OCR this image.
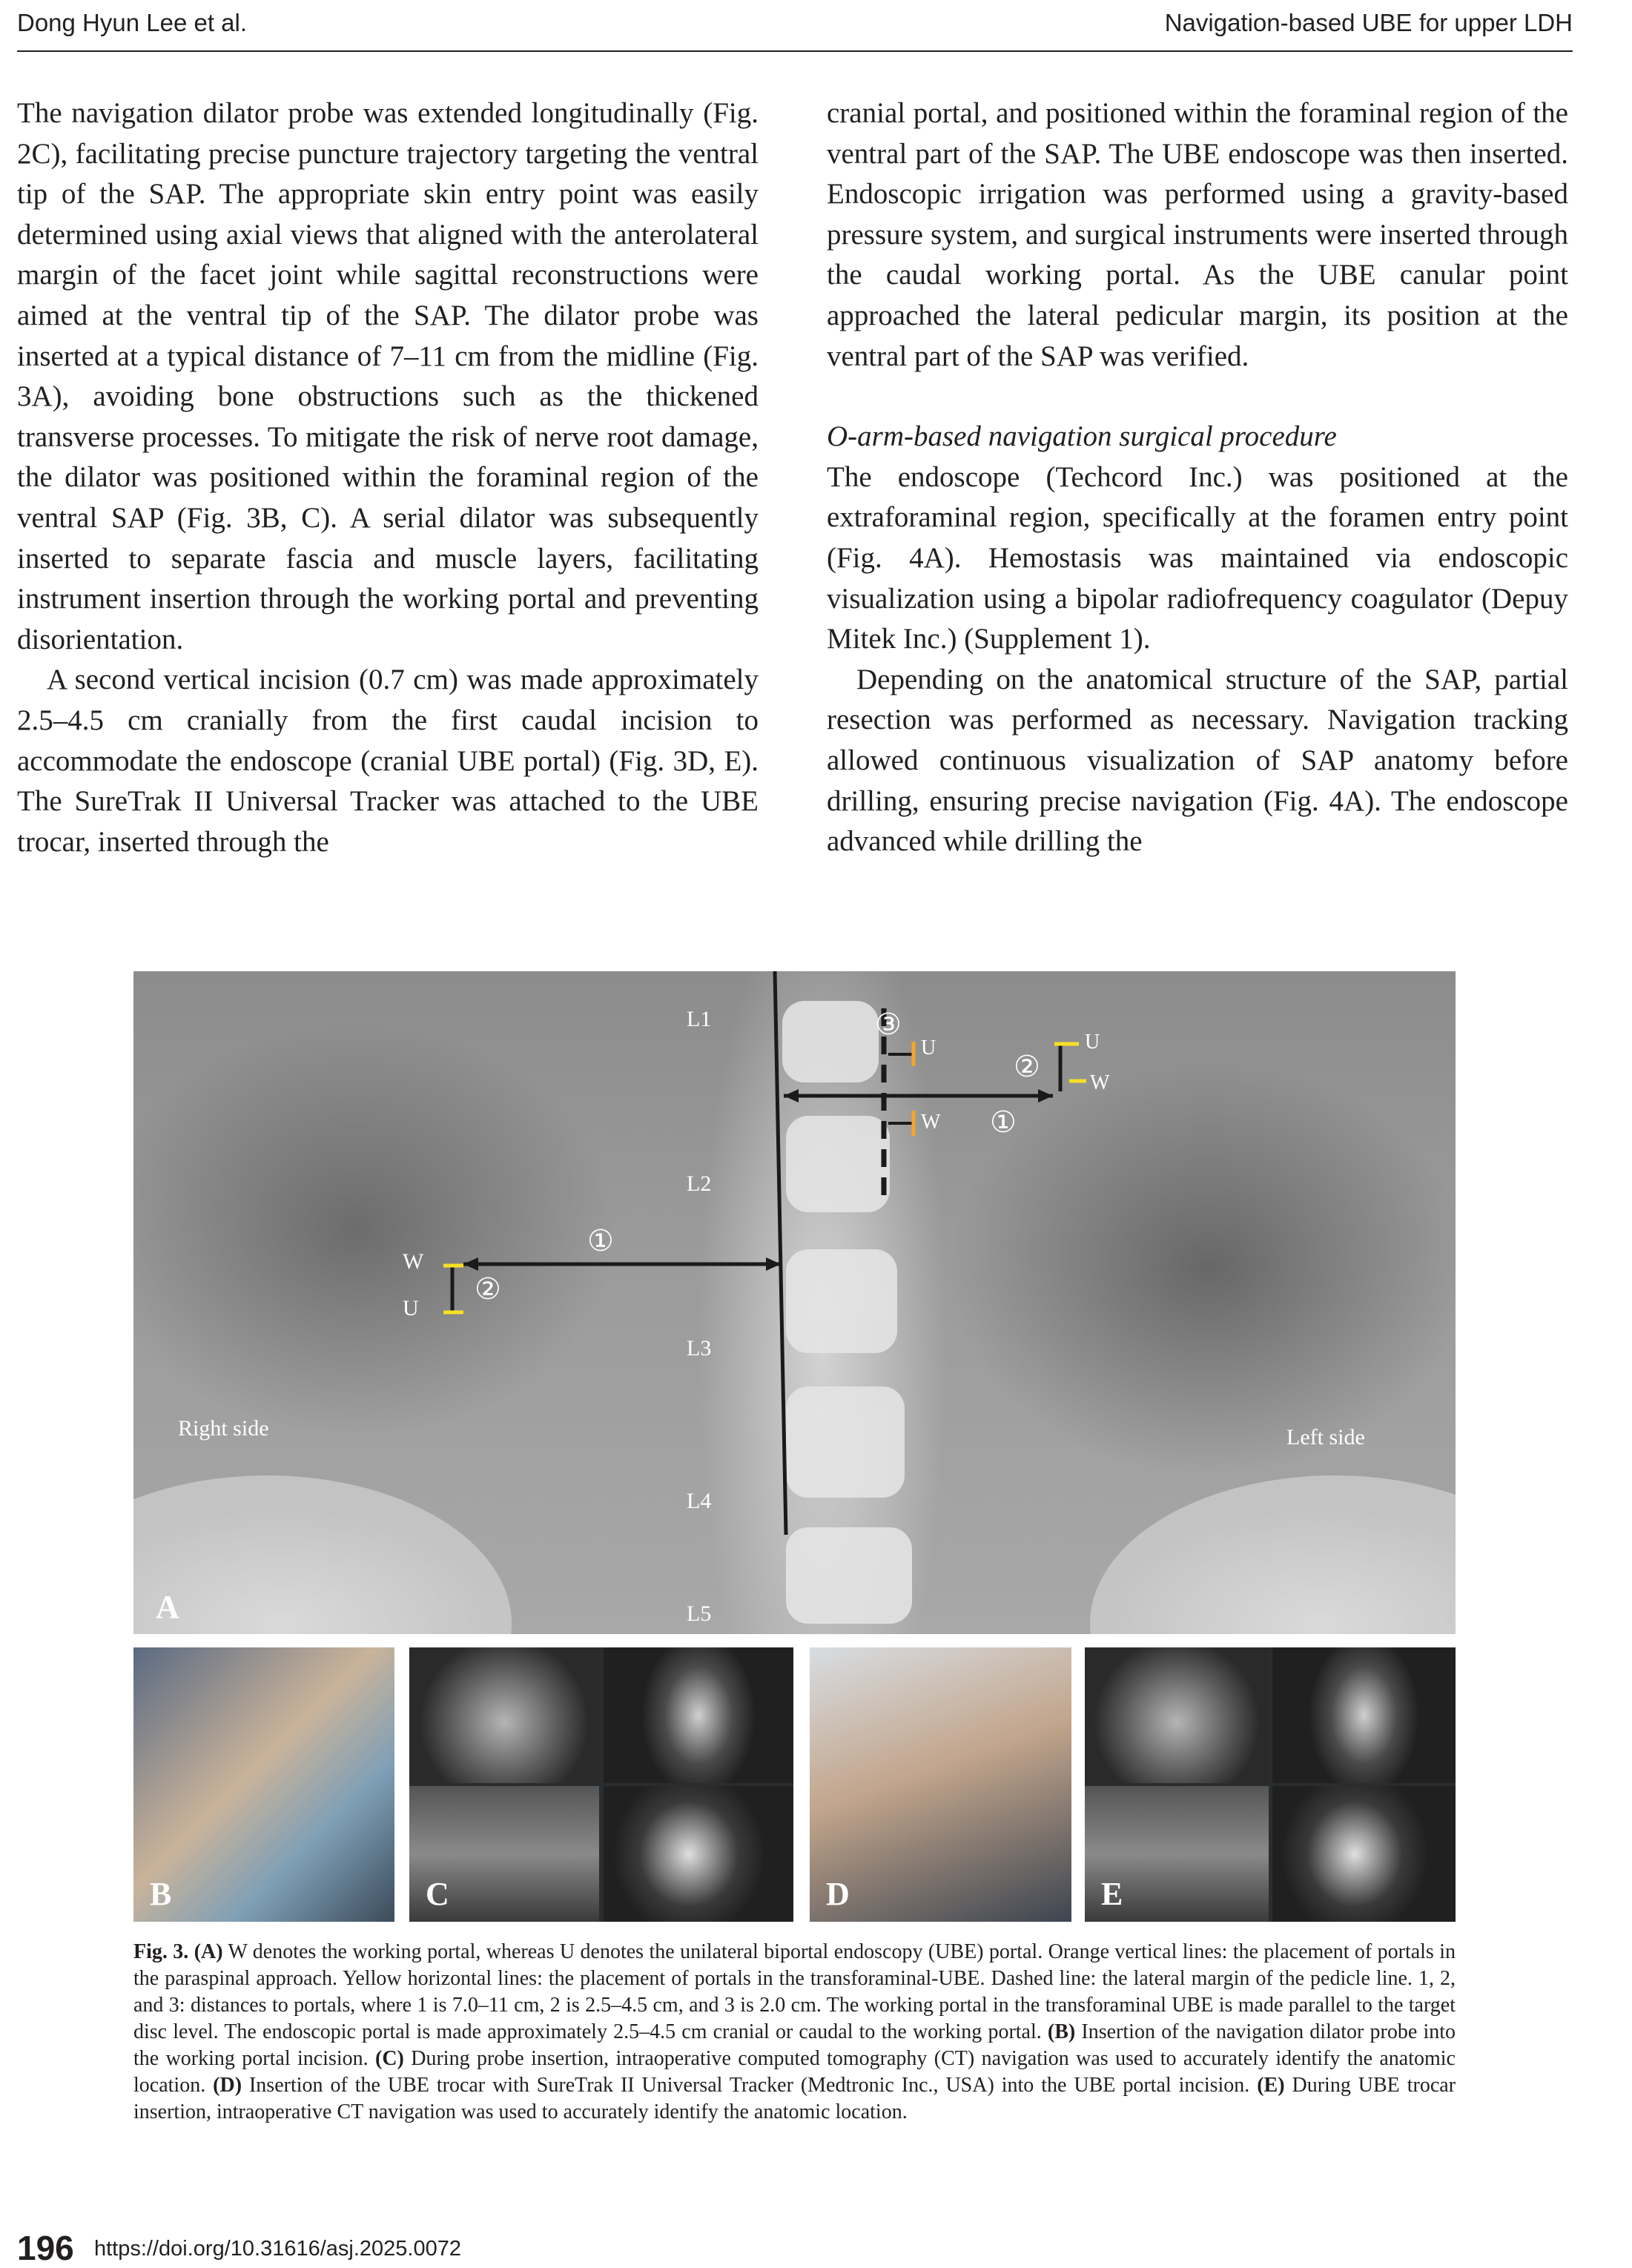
Dong Hyun Lee et al.	Navigation-based UBE for upper LDH

The navigation dilator probe was extended longitudinally (Fig. 2C), facilitating precise puncture trajectory targeting the ventral tip of the SAP. The appropriate skin entry point was easily determined using axial views that aligned with the anterolateral margin of the facet joint while sagittal reconstructions were aimed at the ventral tip of the SAP. The dilator probe was inserted at a typical distance of 7–11 cm from the midline (Fig. 3A), avoiding bone obstructions such as the thickened transverse processes. To mitigate the risk of nerve root damage, the dilator was positioned within the foraminal region of the ventral SAP (Fig. 3B, C). A serial dilator was subsequently inserted to separate fascia and muscle layers, facilitating instrument insertion through the working portal and preventing disorientation.

A second vertical incision (0.7 cm) was made approximately 2.5–4.5 cm cranially from the first caudal incision to accommodate the endoscope (cranial UBE portal) (Fig. 3D, E). The SureTrak II Universal Tracker was attached to the UBE trocar, inserted through the

cranial portal, and positioned within the foraminal region of the ventral part of the SAP. The UBE endoscope was then inserted. Endoscopic irrigation was performed using a gravity-based pressure system, and surgical instruments were inserted through the caudal working portal. As the UBE canular point approached the lateral pedicular margin, its position at the ventral part of the SAP was verified.

O-arm-based navigation surgical procedure

The endoscope (Techcord Inc.) was positioned at the extraforaminal region, specifically at the foramen entry point (Fig. 4A). Hemostasis was maintained via endoscopic visualization using a bipolar radiofrequency coagulator (Depuy Mitek Inc.) (Supplement 1).

Depending on the anatomical structure of the SAP, partial resection was performed as necessary. Navigation tracking allowed continuous visualization of SAP anatomy before drilling, ensuring precise navigation (Fig. 4A). The endoscope advanced while drilling the

L1
L2
L3
L4
L5
Right side	Left side
W
U
②
①
③
U
W ①
②
U
W
A
B	C	D	E
Fig. 3. (A) W denotes the working portal, whereas U denotes the unilateral biportal endoscopy (UBE) portal. Orange vertical lines: the placement of portals in the paraspinal approach. Yellow horizontal lines: the placement of portals in the transforaminal-UBE. Dashed line: the lateral margin of the pedicle line. 1, 2, and 3: distances to portals, where 1 is 7.0–11 cm, 2 is 2.5–4.5 cm, and 3 is 2.0 cm. The working portal in the transforaminal UBE is made parallel to the target disc level. The endoscopic portal is made approximately 2.5–4.5 cm cranial or caudal to the working portal. (B) Insertion of the navigation dilator probe into the working portal incision. (C) During probe insertion, intraoperative computed tomography (CT) navigation was used to accurately identify the anatomic location. (D) Insertion of the UBE trocar with SureTrak II Universal Tracker (Medtronic Inc., USA) into the UBE portal incision. (E) During UBE trocar insertion, intraoperative CT navigation was used to accurately identify the anatomic location.
196 https://doi.org/10.31616/asj.2025.0072
